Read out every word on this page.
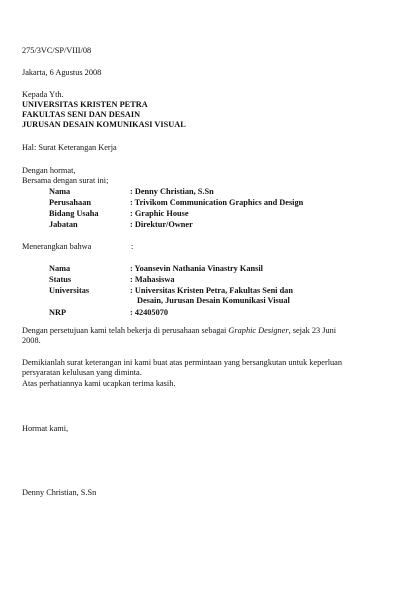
275/3VC/SP/VIII/08
Jakarta, 6 Agustus 2008
Kepada Yth.
UNIVERSITAS KRISTEN PETRA
FAKULTAS SENI DAN DESAIN
JURUSAN DESAIN KOMUNIKASI VISUAL
Hal: Surat Keterangan Kerja
Dengan hormat,
Bersama dengan surat ini;
Nama	: Denny Christian, S.Sn
Perusahaan	: Trivikom Communication Graphics and Design
Bidang Usaha	: Graphic House
Jabatan	: Direktur/Owner
Menerangkan bahwa	:
Nama	: Yoansevin Nathania Vinastry Kansil
Status	: Mahasiswa
Universitas	: Universitas Kristen Petra, Fakultas Seni dan
Desain, Jurusan Desain Komunikasi Visual
NRP	: 42405070
Dengan persetujuan kami telah bekerja di perusahaan sebagai Graphic Designer, sejak 23 Juni
2008.
Demikianlah surat keterangan ini kami buat atas permintaan yang bersangkutan untuk keperluan
persyaratan kelulusan yang diminta.
Atas perhatiannya kami ucapkan terima kasih.
Hormat kami,
Denny Christian, S.Sn
